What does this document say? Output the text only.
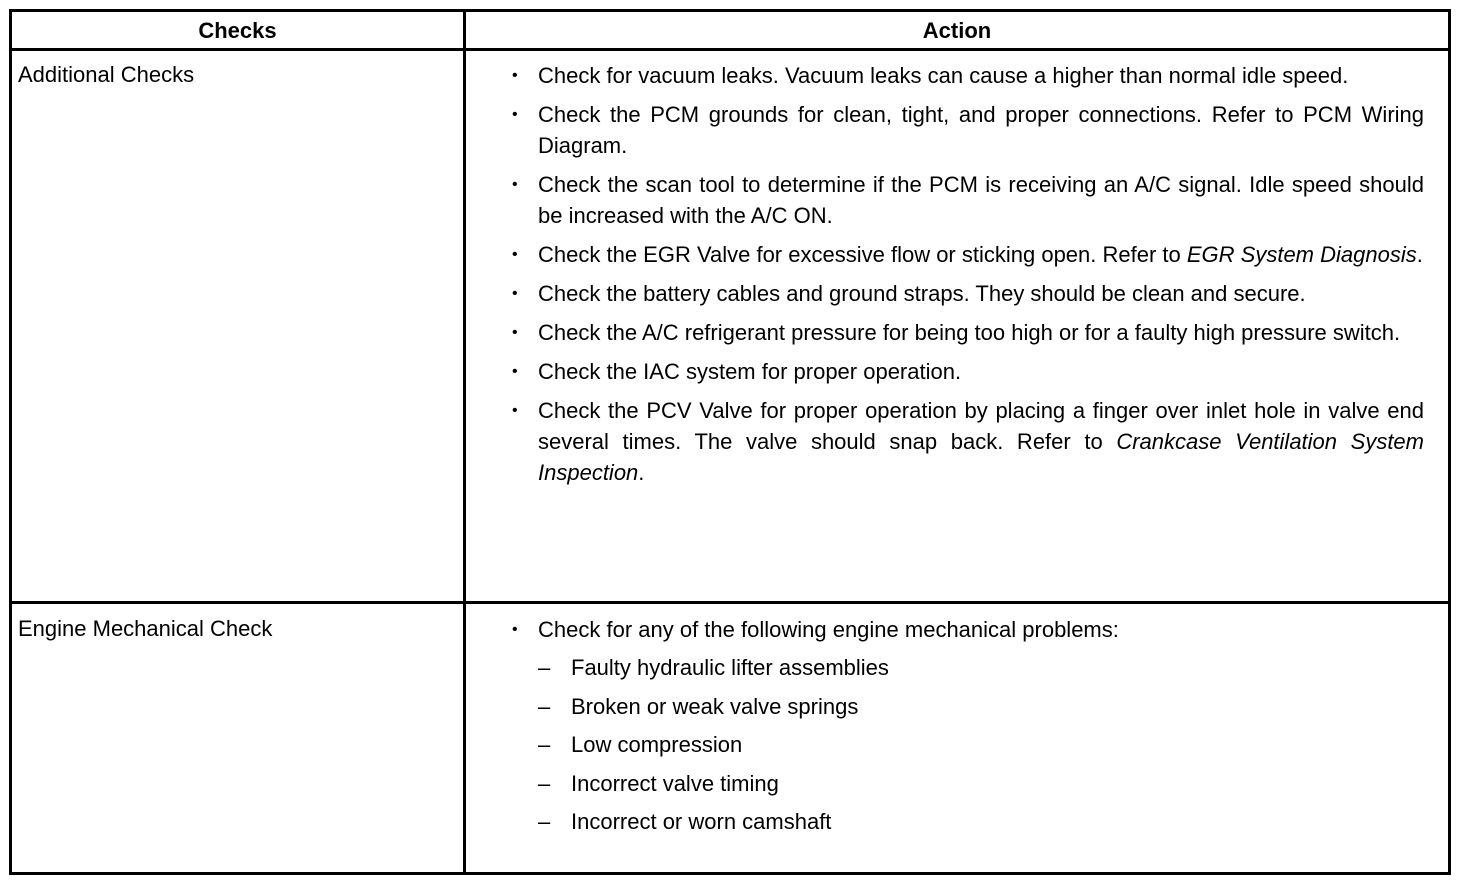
Checks	Action
Additional Checks	• Check for vacuum leaks. Vacuum leaks can cause a higher than normal idle speed.
• Check the PCM grounds for clean, tight, and proper connections. Refer to PCM Wiring Diagram.
• Check the scan tool to determine if the PCM is receiving an A/C signal. Idle speed should be increased with the A/C ON.
• Check the EGR Valve for excessive flow or sticking open. Refer to EGR System Diagnosis.
• Check the battery cables and ground straps. They should be clean and secure.
• Check the A/C refrigerant pressure for being too high or for a faulty high pressure switch.
• Check the IAC system for proper operation.
• Check the PCV Valve for proper operation by placing a finger over inlet hole in valve end several times. The valve should snap back. Refer to Crankcase Ventilation System Inspection.
Engine Mechanical Check	• Check for any of the following engine mechanical problems:
– Faulty hydraulic lifter assemblies
– Broken or weak valve springs
– Low compression
– Incorrect valve timing
– Incorrect or worn camshaft
